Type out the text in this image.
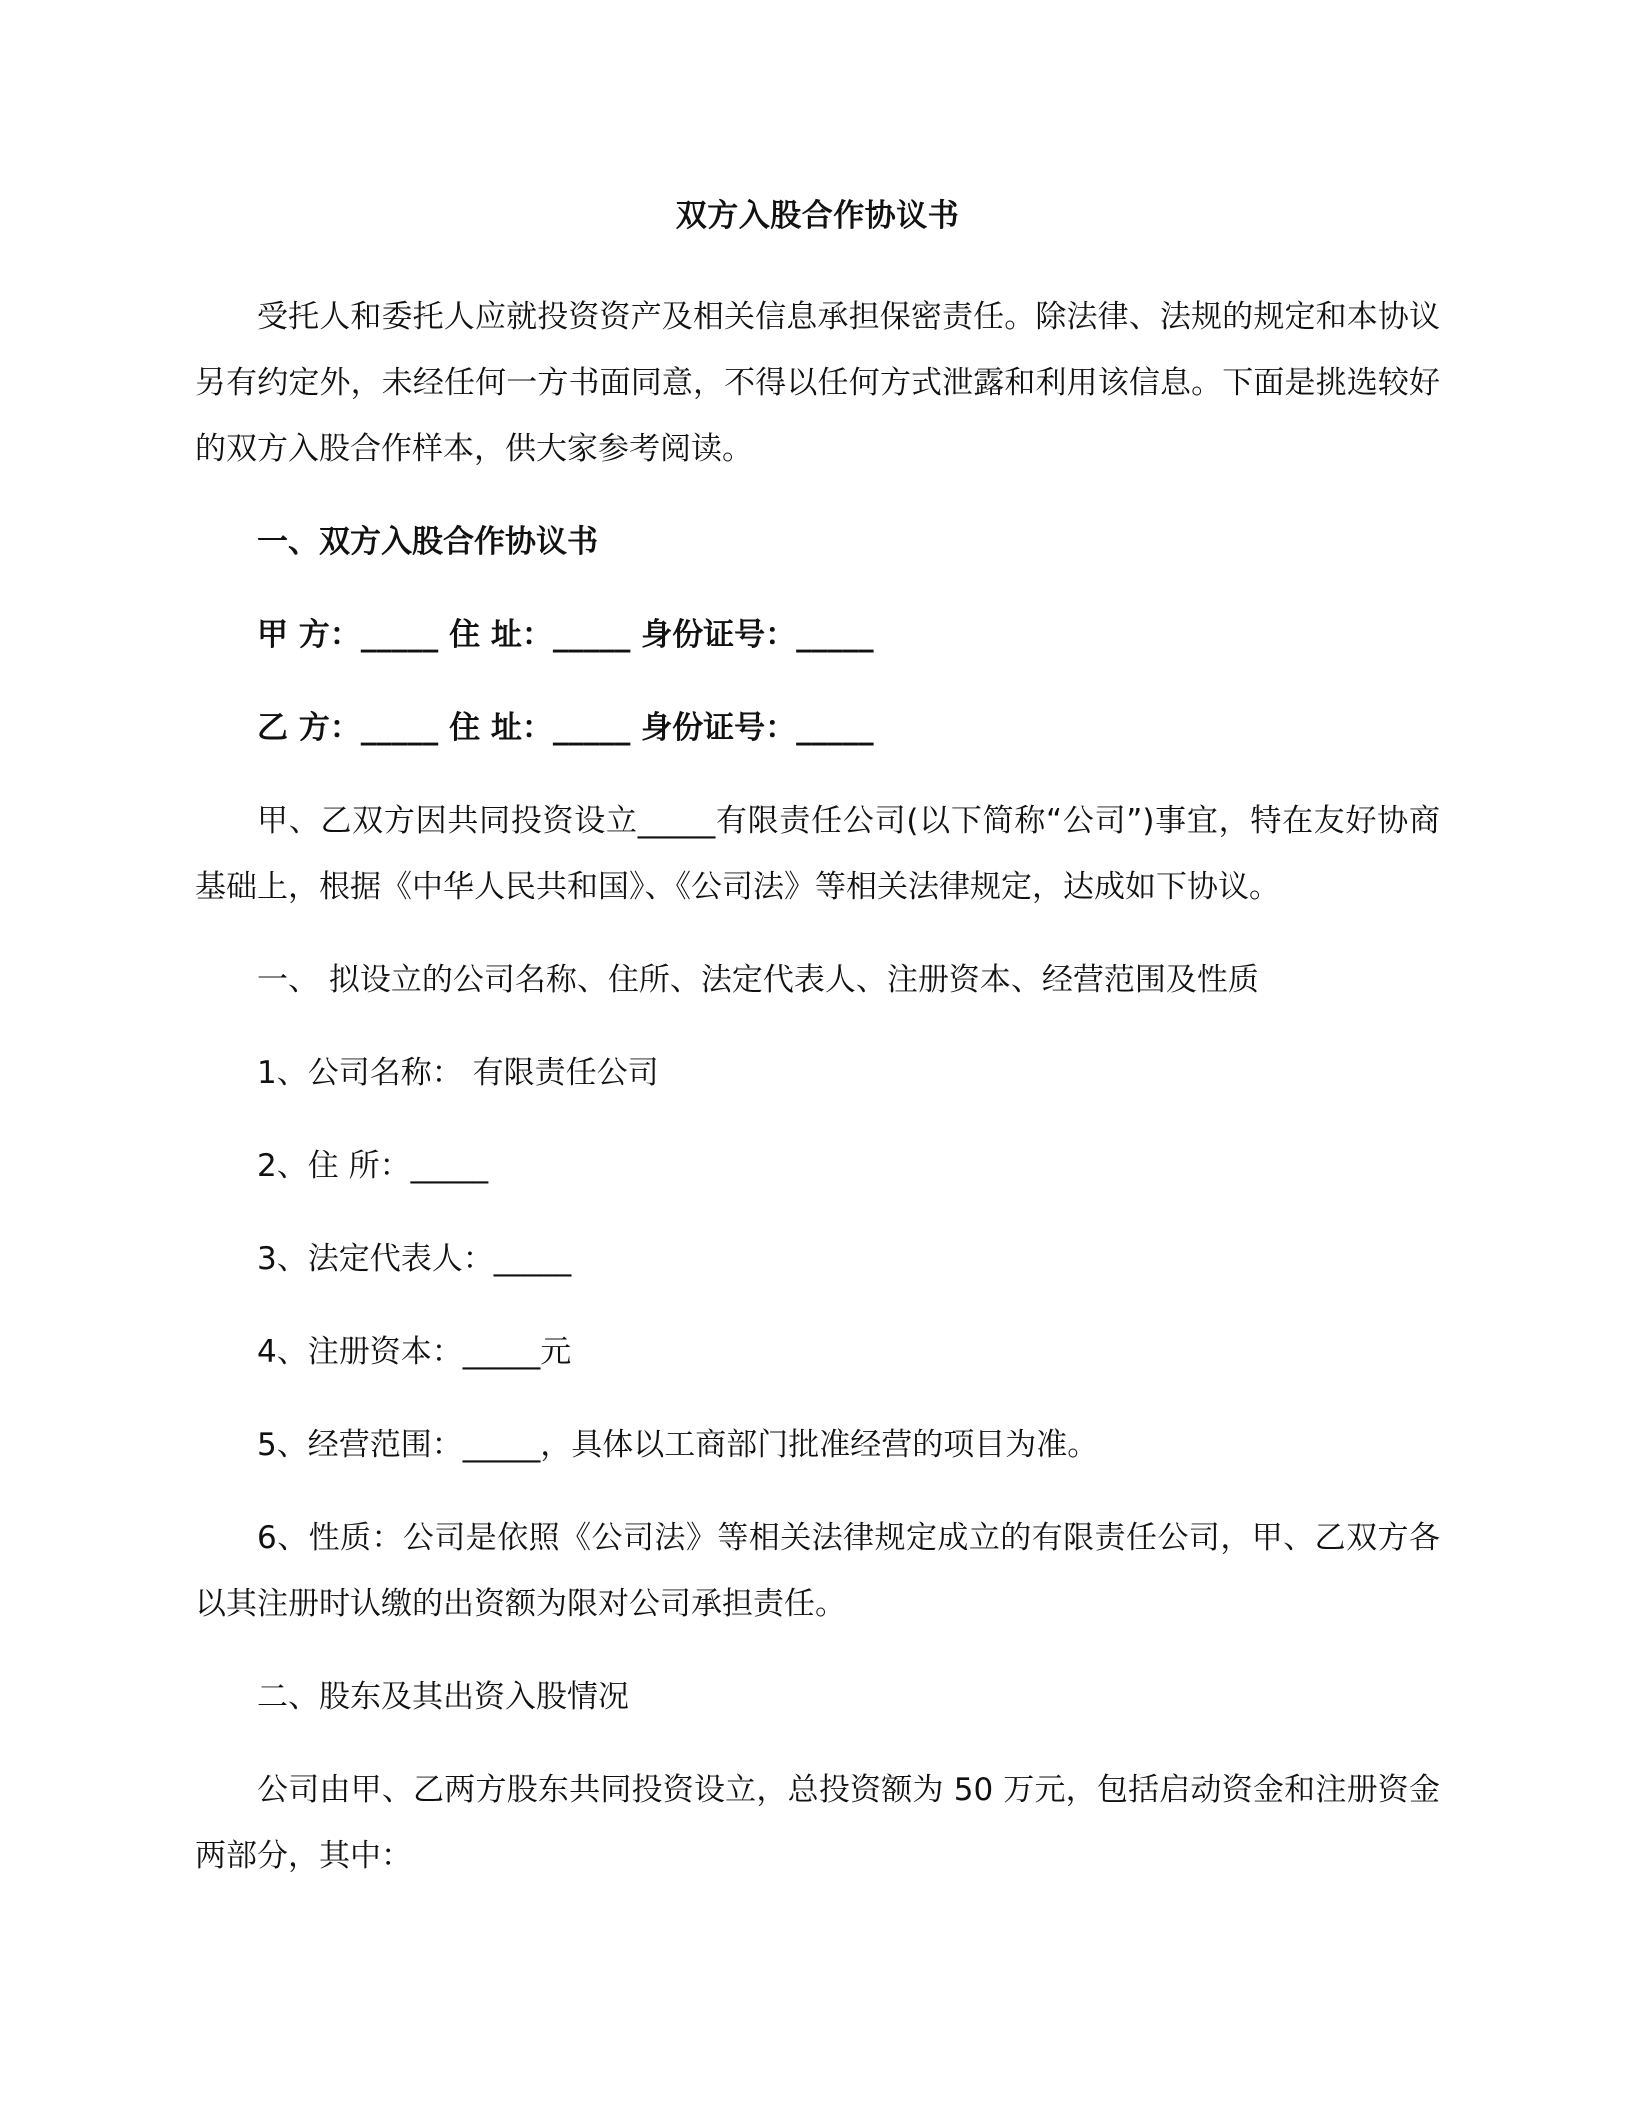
双方入股合作协议书

受托人和委托人应就投资资产及相关信息承担保密责任。除法律、法规的规定和本协议另有约定外，未经任何一方书面同意，不得以任何方式泄露和利用该信息。下面是挑选较好的双方入股合作样本，供大家参考阅读。

一、双方入股合作协议书

甲 方：_____ 住 址：_____ 身份证号：_____

乙 方：_____ 住 址：_____ 身份证号：_____

甲、乙双方因共同投资设立_____有限责任公司(以下简称“公司”)事宜，特在友好协商基础上，根据《中华人民共和国》、《公司法》等相关法律规定，达成如下协议。

一、 拟设立的公司名称、住所、法定代表人、注册资本、经营范围及性质

1、公司名称： 有限责任公司

2、住 所：_____

3、法定代表人：_____

4、注册资本：_____元

5、经营范围：_____，具体以工商部门批准经营的项目为准。

6、性质：公司是依照《公司法》等相关法律规定成立的有限责任公司，甲、乙双方各以其注册时认缴的出资额为限对公司承担责任。

二、股东及其出资入股情况

公司由甲、乙两方股东共同投资设立，总投资额为 50 万元，包括启动资金和注册资金两部分，其中：
